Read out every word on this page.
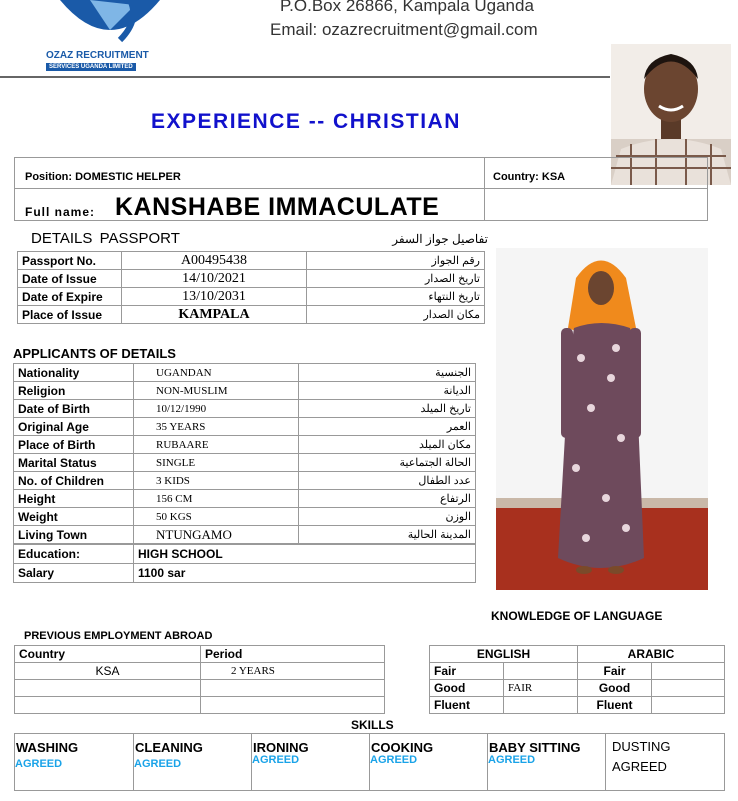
OZAZ RECRUITMENT
SERVICES UGANDA LIMITED
P.O.Box 26866, Kampala Uganda
Email: ozazrecruitment@gmail.com
EXPERIENCE -- CHRISTIAN
Position: DOMESTIC HELPER	Country: KSA
Full name: KANSHABE IMMACULATE
DETAILS PASSPORT	تفاصيل جواز السفر
Passport No.	A00495438	رقم الجواز
Date of Issue	14/10/2021	تاريخ الصدار
Date of Expire	13/10/2031	تاريخ النتهاء
Place of Issue	KAMPALA	مكان الصدار
APPLICANTS OF DETAILS
Nationality	UGANDAN	الجنسية
Religion	NON-MUSLIM	الديانة
Date of Birth	10/12/1990	تاريخ الميلد
Original Age	35 YEARS	العمر
Place of Birth	RUBAARE	مكان الميلد
Marital Status	SINGLE	الحالة الجتماعية
No. of Children	3 KIDS	عدد الطفال
Height	156 CM	الرتفاع
Weight	50 KGS	الوزن
Living Town	NTUNGAMO	المدينة الحالية
Education:	HIGH SCHOOL
Salary	1100 sar
KNOWLEDGE OF LANGUAGE
ENGLISH		ARABIC	
Fair		Fair	
Good	FAIR	Good	
Fluent		Fluent	
PREVIOUS EMPLOYMENT ABROAD
Country	Period
KSA	2 YEARS

SKILLS
WASHING
AGREED
CLEANING
AGREED
IRONING
AGREED
COOKING
AGREED
BABY SITTING
AGREED
DUSTING
AGREED
